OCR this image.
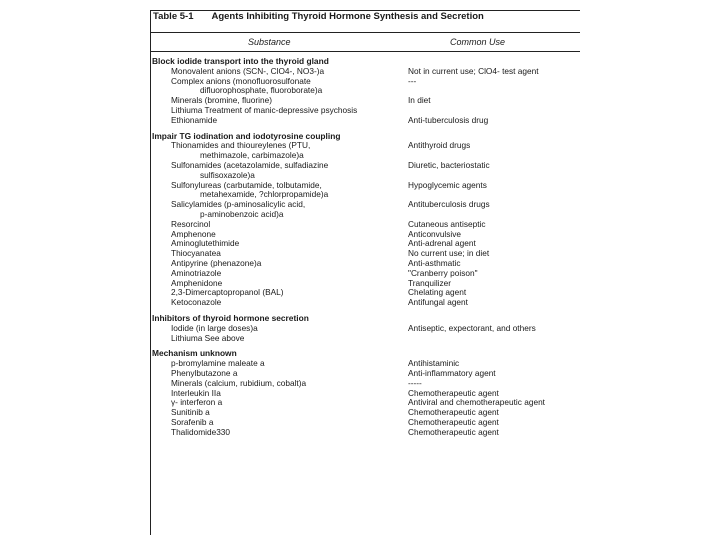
Table 5-1 Agents Inhibiting Thyroid Hormone Synthesis and Secretion
Substance	Common Use
Block iodide transport into the thyroid gland
Monovalent anions (SCN-, ClO4-, NO3-)a	Not in current use; ClO4- test agent
Complex anions (monofluorosulfonate	---
difluorophosphate, fluoroborate)a
Minerals (bromine, fluorine)	In diet
Lithiuma Treatment of manic-depressive psychosis
Ethionamide	Anti-tuberculosis drug
Impair TG iodination and iodotyrosine coupling
Thionamides and thioureylenes (PTU,	Antithyroid drugs
methimazole, carbimazole)a
Sulfonamides (acetazolamide, sulfadiazine	Diuretic, bacteriostatic
sulfisoxazole)a
Sulfonylureas (carbutamide, tolbutamide,	Hypoglycemic agents
metahexamide, ?chlorpropamide)a
Salicylamides (p-aminosalicylic acid,	Antituberculosis drugs
p-aminobenzoic acid)a
Resorcinol	Cutaneous antiseptic
Amphenone	Anticonvulsive
Aminoglutethimide	Anti-adrenal agent
Thiocyanatea	No current use; in diet
Antipyrine (phenazone)a	Anti-asthmatic
Aminotriazole	"Cranberry poison"
Amphenidone	Tranquilizer
2,3-Dimercaptopropanol (BAL)	Chelating agent
Ketoconazole	Antifungal agent
Inhibitors of thyroid hormone secretion
Iodide (in large doses)a	Antiseptic, expectorant, and others
Lithiuma See above
Mechanism unknown
p-bromylamine maleate a	Antihistaminic
Phenylbutazone a	Anti-inflammatory agent
Minerals (calcium, rubidium, cobalt)a	-----
Interleukin IIa	Chemotherapeutic agent
γ- interferon a	Antiviral and chemotherapeutic agent
Sunitinib a	Chemotherapeutic agent
Sorafenib a	Chemotherapeutic agent
Thalidomide330	Chemotherapeutic agent
